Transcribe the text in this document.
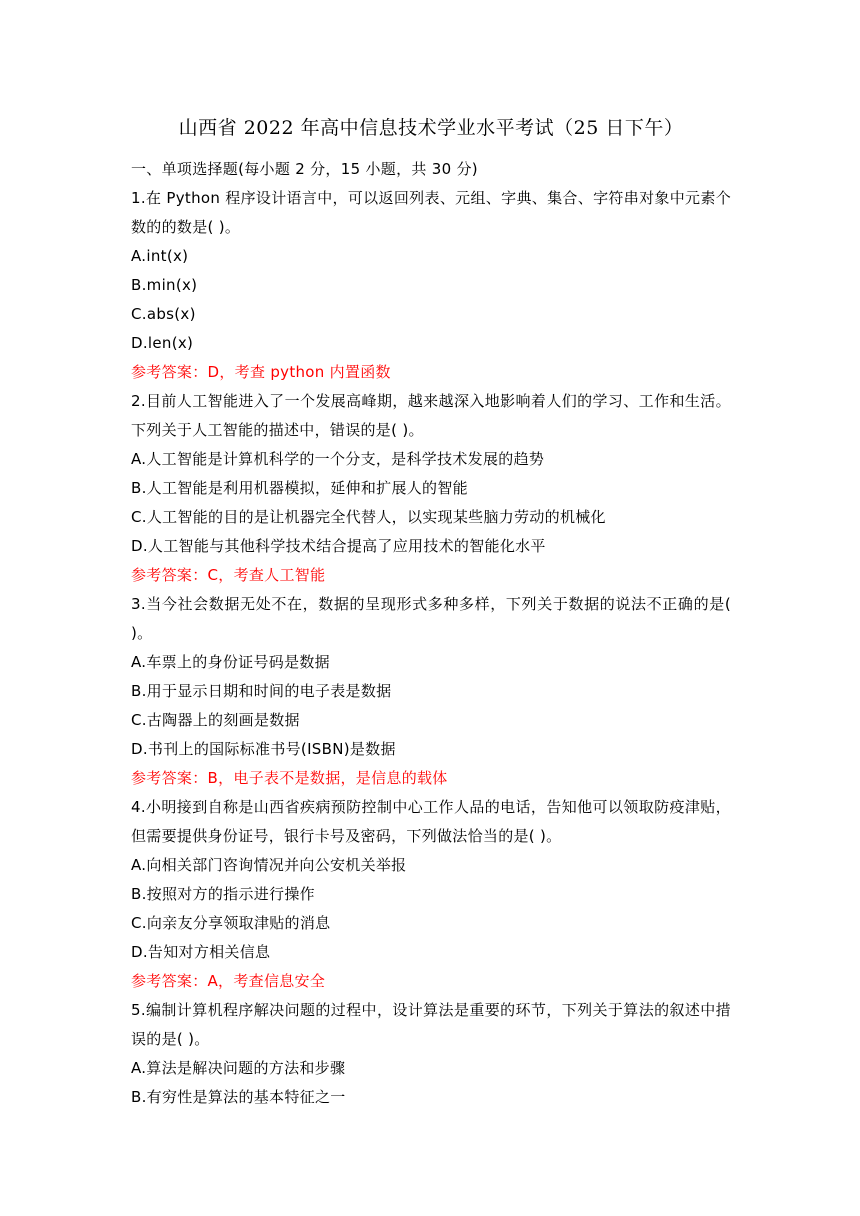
山西省 2022 年高中信息技术学业水平考试（25 日下午）
一、单项选择题(每小题 2 分，15 小题，共 30 分)
1.在 Python 程序设计语言中，可以返回列表、元组、字典、集合、字符串对象中元素个数的的数是( )。
A.int(x)
B.min(x)
C.abs(x)
D.len(x)
参考答案：D，考查 python 内置函数
2.目前人工智能进入了一个发展高峰期，越来越深入地影响着人们的学习、工作和生活。下列关于人工智能的描述中，错误的是( )。
A.人工智能是计算机科学的一个分支，是科学技术发展的趋势
B.人工智能是利用机器模拟，延伸和扩展人的智能
C.人工智能的目的是让机器完全代替人，以实现某些脑力劳动的机械化
D.人工智能与其他科学技术结合提高了应用技术的智能化水平
参考答案：C，考查人工智能
3.当今社会数据无处不在，数据的呈现形式多种多样，下列关于数据的说法不正确的是( )。
A.车票上的身份证号码是数据
B.用于显示日期和时间的电子表是数据
C.古陶器上的刻画是数据
D.书刊上的国际标准书号(ISBN)是数据
参考答案：B，电子表不是数据，是信息的载体
4.小明接到自称是山西省疾病预防控制中心工作人品的电话，告知他可以领取防疫津贴，但需要提供身份证号，银行卡号及密码，下列做法恰当的是( )。
A.向相关部门咨询情况并向公安机关举报
B.按照对方的指示进行操作
C.向亲友分享领取津贴的消息
D.告知对方相关信息
参考答案：A，考查信息安全
5.编制计算机程序解决问题的过程中，设计算法是重要的环节，下列关于算法的叙述中措误的是( )。
A.算法是解决问题的方法和步骤
B.有穷性是算法的基本特征之一
